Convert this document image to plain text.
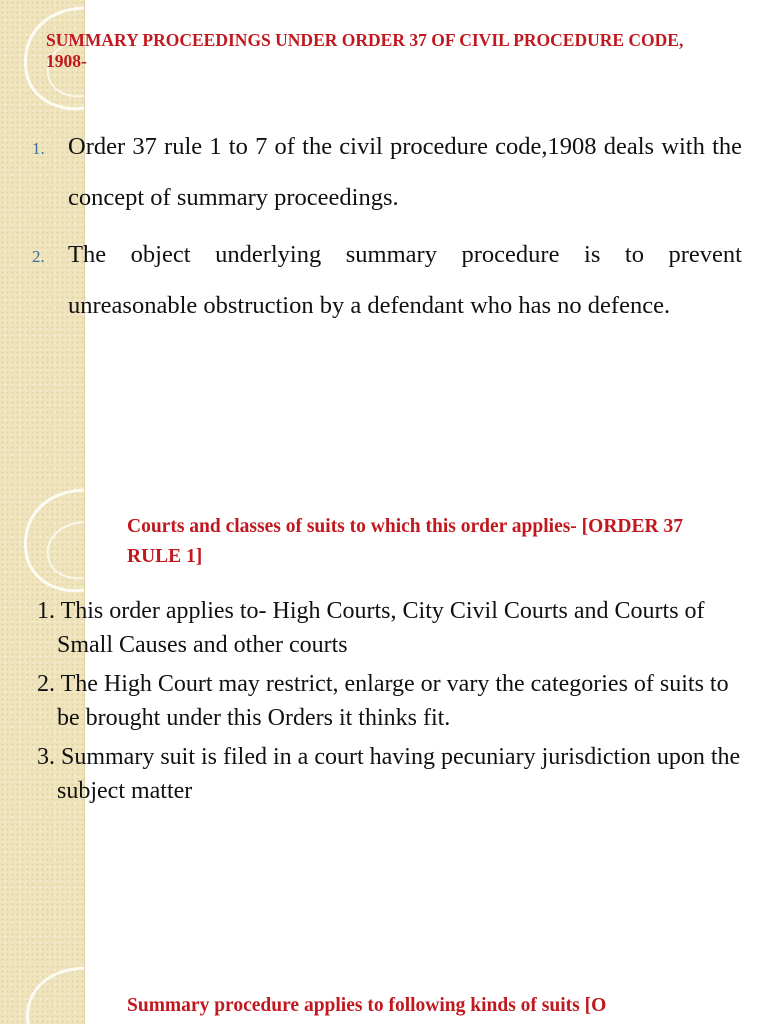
SUMMARY PROCEEDINGS UNDER ORDER 37 OF CIVIL PROCEDURE CODE, 1908-
1. Order 37 rule 1 to 7 of the civil procedure code,1908 deals with the concept of summary proceedings.
2. The object underlying summary procedure is to prevent unreasonable obstruction by a defendant who has no defence.
Courts and classes of suits to which this order applies- [ORDER 37 RULE 1]
1. This order applies to- High Courts, City Civil Courts and Courts of Small Causes and other courts
2. The High Court may restrict, enlarge or vary the categories of suits to be brought under this Orders it thinks fit.
3. Summary suit is filed in a court having pecuniary jurisdiction upon the subject matter
Summary procedure applies to following kinds of suits [O
